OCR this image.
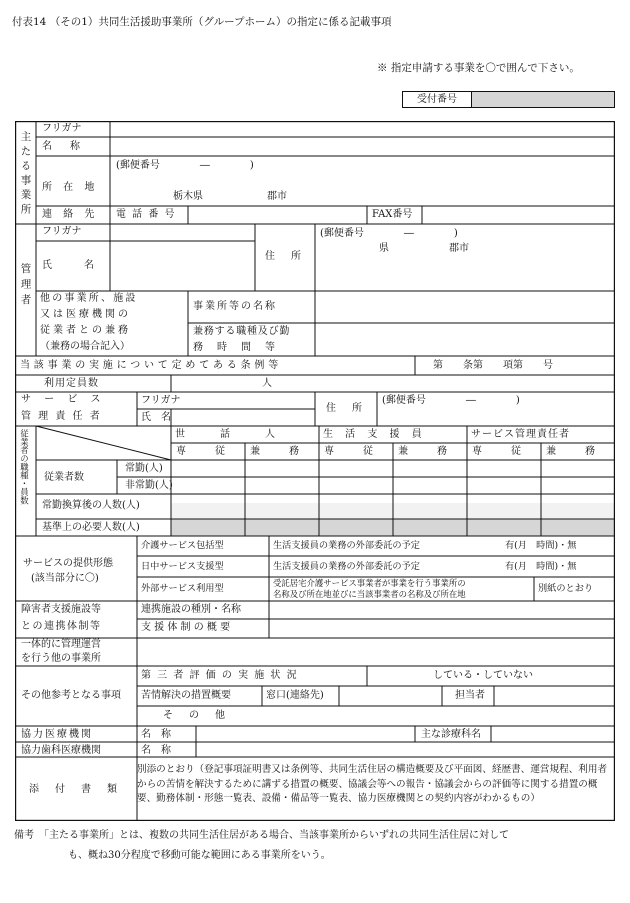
付表14 （その1）共同生活援助事業所（グループホーム）の指定に係る記載事項
※ 指定申請する事業を〇で囲んで下さい。
受付番号
主たる事業所
フリガナ
名　称
所 在 地
(郵便番号　　　　―　　　　)
栃木県	郡市
連 絡 先 電 話 番 号	FAX番号
管理者
フリガナ
氏　　名
住　所
(郵便番号　　　　―　　　　)
県	郡市
他の事業所、施設
又は医療機関の
従業者との兼務
（兼務の場合記入）
事業所等の名称
兼務する職種及び勤
務　時　間　等
当該事業の実施について定めてある条例等	第　　条第　　項第　　号
利用定員数	人
サ ー ビ ス
管 理 責 任 者
フリガナ
氏　名
住　所
(郵便番号　　　　―　　　　)
従業者の職種・員数	世　　話　　人	生 活 支 援 員	サービス管理責任者
専　　従 兼　　務 専　　従 兼　　務 専　　従 兼　　務
従業者数
常勤(人)
非常勤(人)
常勤換算後の人数(人)
基準上の必要人数(人)
サービスの提供形態
(該当部分に〇)
介護サービス包括型	生活支援員の業務の外部委託の予定	有(月　時間)・無
日中サービス支援型	生活支援員の業務の外部委託の予定	有(月　時間)・無
外部サービス利用型	受託居宅介護サービス事業者が事業を行う事業所の
名称及び所在地並びに当該事業者の名称及び所在地	別紙のとおり
障害者支援施設等
との連携体制等
連携施設の種別・名称
支 援 体 制 の 概 要
一体的に管理運営
を行う他の事業所
その他参考となる事項
第 三 者 評 価 の 実 施 状 況	している・していない
苦情解決の措置概要	窓口(連絡先)	担当者
そ　の　他
協力医療機関	名　称	主な診療科名
協力歯科医療機関	名　称
添　付　書　類
別添のとおり（登記事項証明書又は条例等、共同生活住居の構造概要及び平面図、経歴書、運営規程、利用者からの苦情を解決するために講ずる措置の概要、協議会等への報告・協議会からの評価等に関する措置の概要、勤務体制・形態一覧表、設備・備品等一覧表、協力医療機関との契約内容がわかるもの）
備考　「主たる事業所」とは、複数の共同生活住居がある場合、当該事業所からいずれの共同生活住居に対して
も、概ね30分程度で移動可能な範囲にある事業所をいう。
